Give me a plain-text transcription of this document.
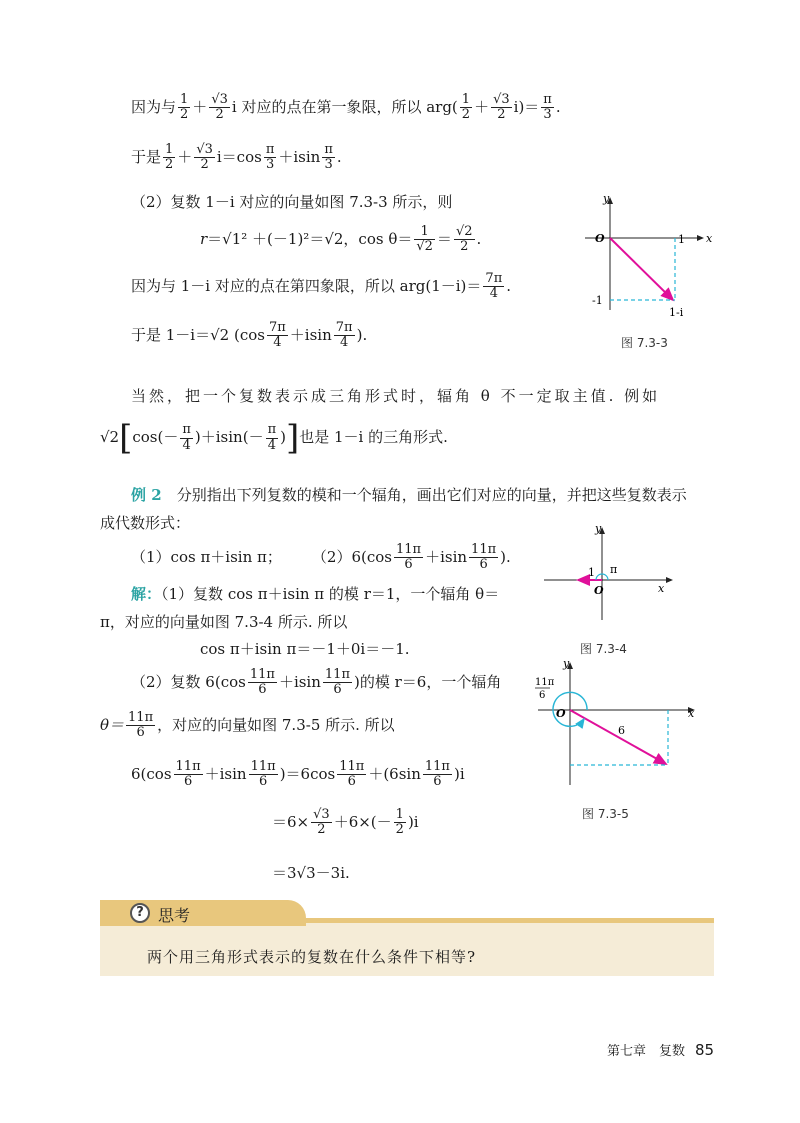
因为与 $\frac{1}{2} + \frac{√3}{2}$ i 对应的点在第一象限，所以 $arg( \frac{1}{2} + \frac{√3}{2} i)= \frac{\pi}{3}$ .
于是 $\frac{1}{2} + \frac{√3}{2} i=\cos \frac{\pi}{3} +isin \frac{\pi}{3}$ .
（2）复数 1－i 对应的向量如图 7.3-3 所示，则
r＝√1² ＋(－1)²＝√2，$\cos \theta= \frac{1}{√2} = \frac{√2}{2}$ .
因为与 1－i 对应的点在第四象限，所以 $arg(1-i)= \frac{7\pi}{4}$ .
于是 1－i＝√2 ($\cos \frac{7\pi}{4} +isin \frac{7\pi}{4}$ ).
y
x
O	1
-1
1-i
图 7.3-3
当然，把一个复数表示成三角形式时，辐角 θ 不一定取主值. 例如
$√2[\cos(- \frac{\pi}{4} )+isin(- \frac{\pi}{4}$ )]也是 1－i 的三角形式.
例 2　 分别指出下列复数的模和一个辐角，画出它们对应的向量，并把这些复数表示
成代数形式：
（1）cos π＋isin π；　　　	$(2)6(\cos \frac{11\pi}{6} +isin \frac{11\pi}{6}$ ).
解：（1）复数 cos π＋isin π 的模 r＝1，一个辐角 θ＝
π，对应的向量如图 7.3-4 所示. 所以
cos π＋isin π＝－1＋0i＝－1.
y
x
O
1 π
图 7.3-4
（2）复数 $6(\cos \frac{11\pi}{6} +isin \frac{11\pi}{6}$ )的模 r＝6，一个辐角
$\theta= \frac{11\pi}{6}$ ，对应的向量如图 7.3-5 所示. 所以
$6(\cos \frac{11\pi}{6} +isin \frac{11\pi}{6} )=6\cos \frac{11\pi}{6} +(6\sin \frac{11\pi}{6} )i$
$=6\times \frac{√3}{2} +6\times(- \frac{1}{2} )i$
＝3√3－3i.
y
x
O
6
11π
6
图 7.3-5
? 思考
两个用三角形式表示的复数在什么条件下相等?
第七章　复数 85
